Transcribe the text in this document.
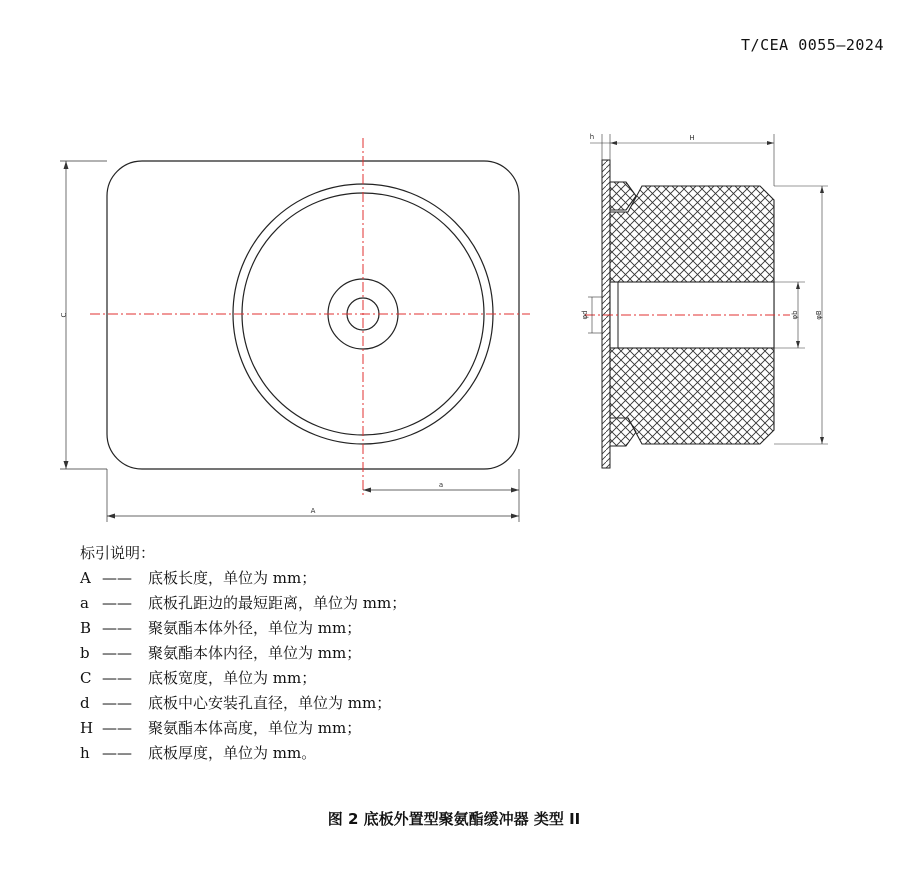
T/CEA 0055—2024
C
a
A
h	H
φd	φb φB
标引说明：
A ——	底板长度，单位为 mm；
a ——	底板孔距边的最短距离，单位为 mm；
B ——	聚氨酯本体外径，单位为 mm；
b ——	聚氨酯本体内径，单位为 mm；
C ——	底板宽度，单位为 mm；
d ——	底板中心安装孔直径，单位为 mm；
H ——	聚氨酯本体高度，单位为 mm；
h ——	底板厚度，单位为 mm。
图 2 底板外置型聚氨酯缓冲器 类型 II
